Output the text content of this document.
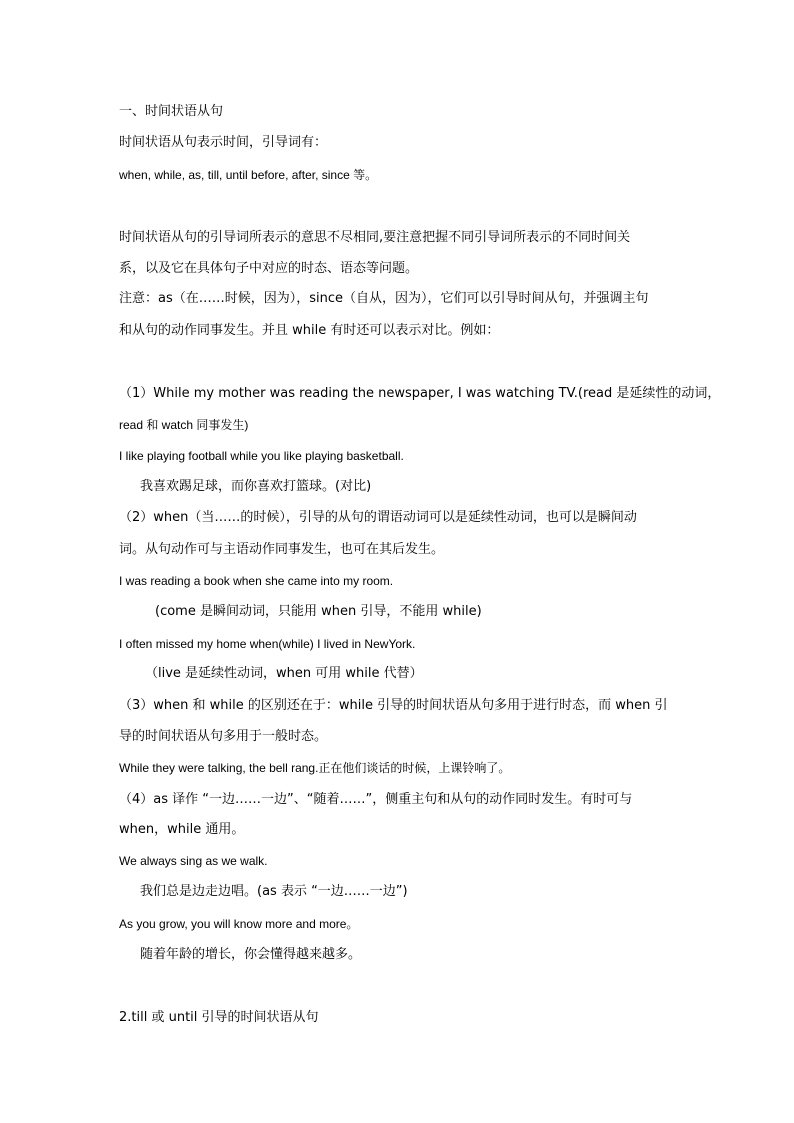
一、时间状语从句
时间状语从句表示时间，引导词有：
when, while, as, till, until before, after, since 等。
时间状语从句的引导词所表示的意思不尽相同,要注意把握不同引导词所表示的不同时间关
系，以及它在具体句子中对应的时态、语态等问题。
注意：as（在……时候，因为），since（自从，因为），它们可以引导时间从句，并强调主句
和从句的动作同事发生。并且 while 有时还可以表示对比。例如：
（1）While my mother was reading the newspaper, I was watching TV.(read 是延续性的动词，
read 和 watch 同事发生)
I like playing football while you like playing basketball.
我喜欢踢足球，而你喜欢打篮球。(对比)
（2）when（当……的时候），引导的从句的谓语动词可以是延续性动词，也可以是瞬间动
词。从句动作可与主语动作同事发生，也可在其后发生。
I was reading a book when she came into my room.
(come 是瞬间动词，只能用 when 引导，不能用 while)
I often missed my home when(while) I lived in NewYork.
（live 是延续性动词，when 可用 while 代替）
（3）when 和 while 的区别还在于：while 引导的时间状语从句多用于进行时态，而 when 引
导的时间状语从句多用于一般时态。
While they were talking, the bell rang.正在他们谈话的时候，上课铃响了。
（4）as 译作 “一边……一边”、“随着……”，侧重主句和从句的动作同时发生。有时可与
when，while 通用。
We always sing as we walk.
我们总是边走边唱。(as 表示 “一边……一边”)
As you grow, you will know more and more。
随着年龄的增长，你会懂得越来越多。
2.till 或 until 引导的时间状语从句
